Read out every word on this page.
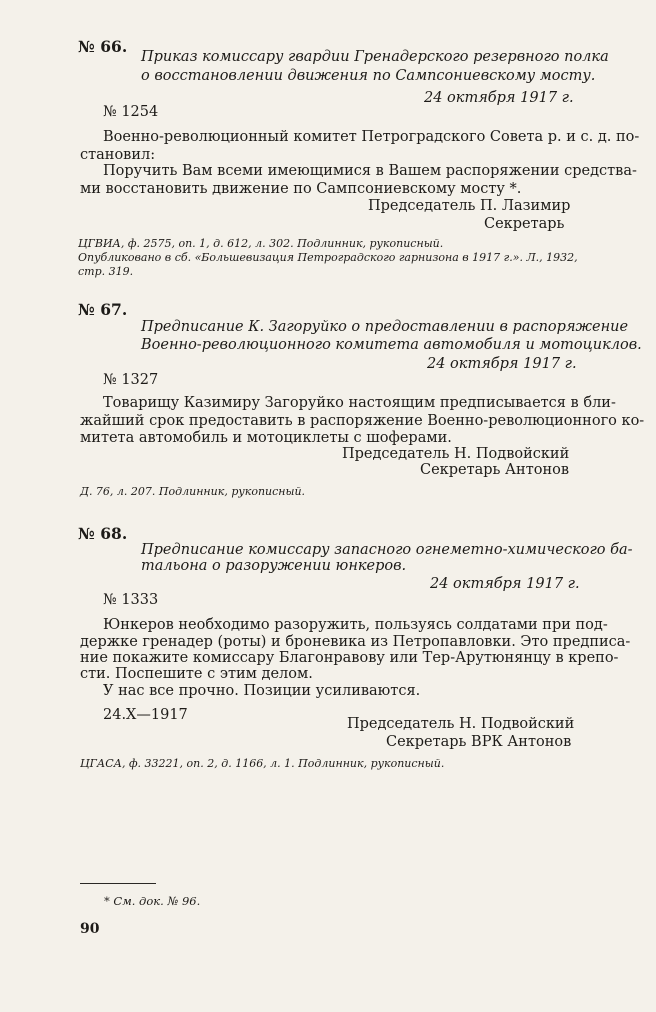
№ 66.
Приказ комиссару гвардии Гренадерского резервного полка
о восстановлении движения по Сампсониевскому мосту.
24 октября 1917 г.
№ 1254
Военно-революционный комитет Петроградского Совета р. и с. д. по-
становил:
Поручить Вам всеми имеющимися в Вашем распоряжении средства-
ми восстановить движение по Сампсониевскому мосту *.
Председатель П. Лазимир
Секретарь
ЦГВИА, ф. 2575, оп. 1, д. 612, л. 302. Подлинник, рукописный.
Опубликовано в сб. «Большевизация Петроградского гарнизона в 1917 г.». Л., 1932,
стр. 319.
№ 67.
Предписание К. Загоруйко о предоставлении в распоряжение
Военно-революционного комитета автомобиля и мотоциклов.
24 октября 1917 г.
№ 1327
Товарищу Казимиру Загоруйко настоящим предписывается в бли-
жайший срок предоставить в распоряжение Военно-революционного ко-
митета автомобиль и мотоциклеты с шоферами.
Председатель Н. Подвойский
Секретарь Антонов
Д. 76, л. 207. Подлинник, рукописный.
№ 68.
Предписание комиссару запасного огнеметно-химического ба-
тальона о разоружении юнкеров.
24 октября 1917 г.
№ 1333
Юнкеров необходимо разоружить, пользуясь солдатами при под-
держке гренадер (роты) и броневика из Петропавловки. Это предписа-
ние покажите комиссару Благонравову или Тер-Арутюнянцу в крепо-
сти. Поспешите с этим делом.
У нас все прочно. Позиции усиливаются.
24.X—1917
Председатель Н. Подвойский
Секретарь ВРК Антонов
ЦГАСА, ф. 33221, оп. 2, д. 1166, л. 1. Подлинник, рукописный.
* См. док. № 96.
90
